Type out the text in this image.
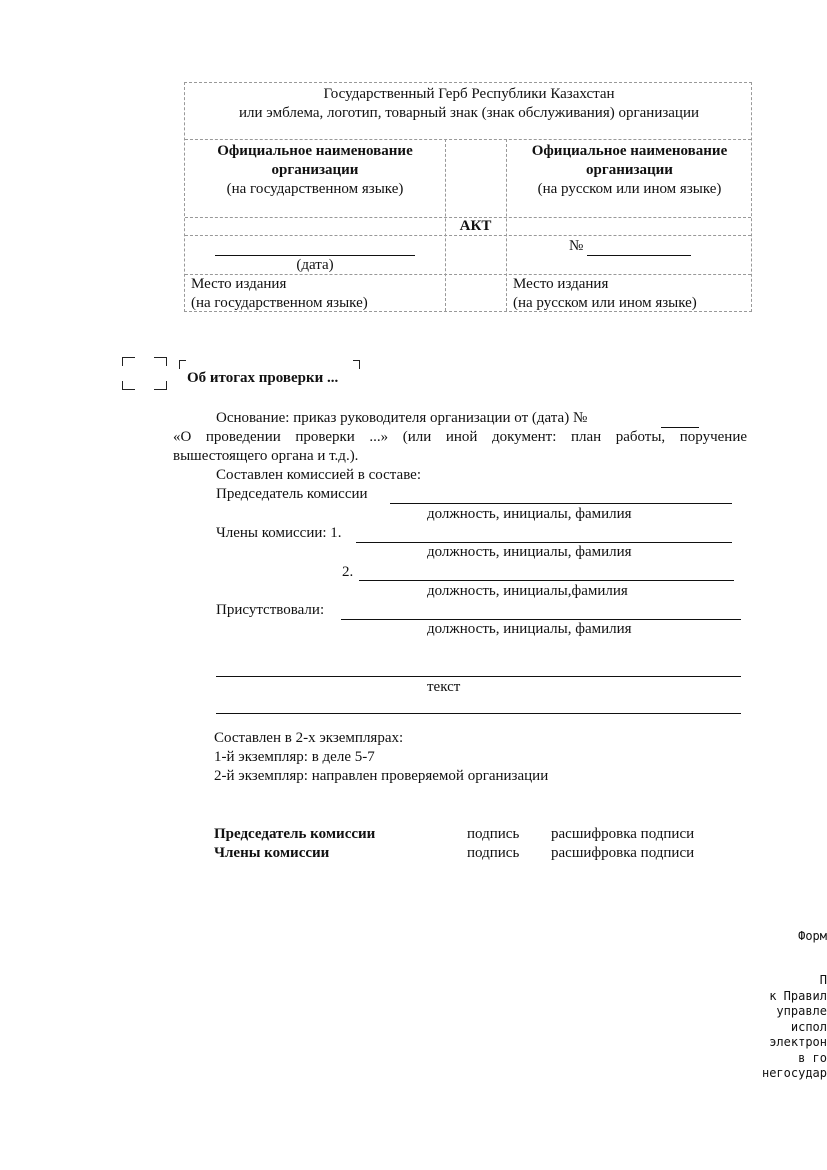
Государственный Герб Республики Казахстан
или эмблема, логотип, товарный знак (знак обслуживания) организации
Официальное наименование
организации
(на государственном языке)
Официальное наименование
организации
(на русском или ином языке)
АКТ
(дата)
№
Место издания
(на государственном языке)
Место издания
(на русском или ином языке)
Об итогах проверки ...
Основание: приказ руководителя организации от (дата) №
«О проведении проверки ...» (или иной документ: план работы, поручение
вышестоящего органа и т.д.).
Составлен комиссией в составе:
Председатель комиссии
должность, инициалы, фамилия
Члены комиссии: 1.
должность, инициалы, фамилия
2.
должность, инициалы,фамилия
Присутствовали:
должность, инициалы, фамилия
текст
Составлен в 2-х экземплярах:
1-й экземпляр: в деле 5-7
2-й экземпляр: направлен проверяемой организации
Председатель комиссии	подпись расшифровка подписи
Члены комиссии	подпись расшифровка подписи
Форм
П
к Правил
управле
испол
электрон
в го
негосудар
